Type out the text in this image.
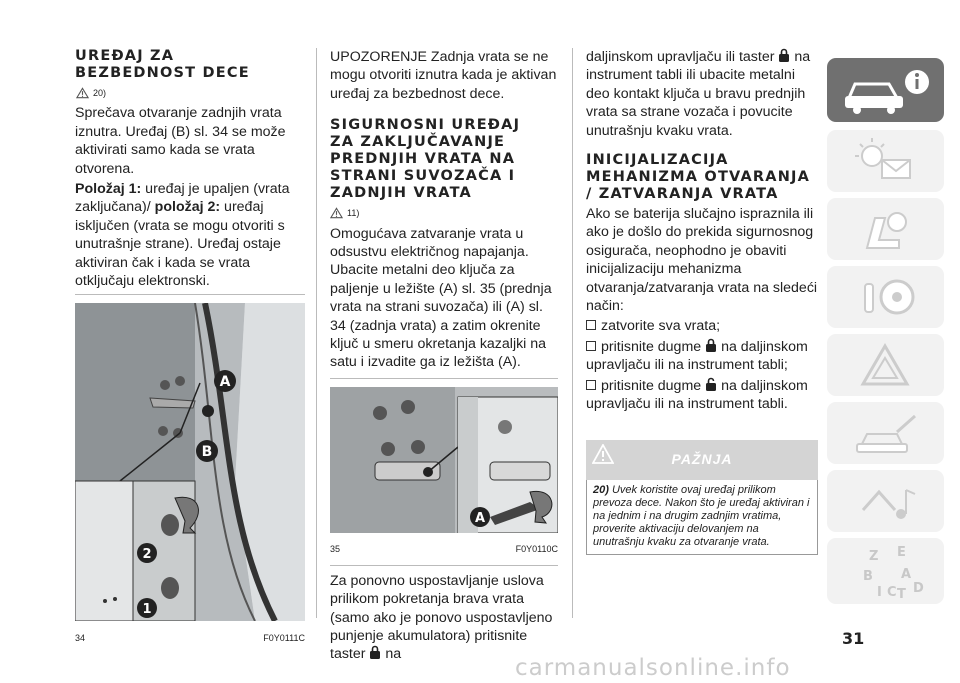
UREĐAJ ZA
BEZBEDNOST DECE
20)

Sprečava otvaranje zadnjih vrata iznutra. Uređaj (B) sl. 34 se može aktivirati samo kada se vrata otvorena.

Položaj 1: uređaj je upaljen (vrata zaključana)/ položaj 2: uređaj isključen (vrata se mogu otvoriti s unutrašnje strane). Uređaj ostaje aktiviran čak i kada se vrata otključaju elektronski.

A
B
2
1
34	F0Y0111C

UPOZORENJE Zadnja vrata se ne mogu otvoriti iznutra kada je aktivan uređaj za bezbednost dece.

SIGURNOSNI UREĐAJ
ZA ZAKLJUČAVANJE
PREDNJIH VRATA NA
STRANI SUVOZAČA I
ZADNJIH VRATA
11)

Omogućava zatvaranje vrata u odsustvu električnog napajanja. Ubacite metalni deo ključa za paljenje u ležište (A) sl. 35 (prednja vrata na strani suvozača) ili (A) sl. 34 (zadnja vrata) a zatim okrenite ključ u smeru okretanja kazaljki na satu i izvadite ga iz ležišta (A).

A
35	F0Y0110C

Za ponovno uspostavljanje uslova prilikom pokretanja brava vrata (samo ako je ponovo uspostavljeno punjenje akumulatora) pritisnite taster na

daljinskom upravljaču ili taster na instrument tabli ili ubacite metalni deo kontakt ključa u bravu prednjih vrata sa strane vozača i povucite unutrašnju kvaku vrata.

INICIJALIZACIJA
MEHANIZMA OTVARANJA
/ ZATVARANJA VRATA

Ako se baterija slučajno ispraznila ili ako je došlo do prekida sigurnosnog osigurača, neophodno je obaviti inicijalizaciju mehanizma otvaranja/zatvaranja vrata na sledeći način:

zatvorite sva vrata;

pritisnite dugme na daljinskom upravljaču ili na instrument tabli;

pritisnite dugme na daljinskom upravljaču ili na instrument tabli.

PAŽNJA
20) Uvek koristite ovaj uređaj prilikom prevoza dece. Nakon što je uređaj aktiviran i na jednim i na drugim zadnjim vratima, proverite aktivaciju delovanjem na unutrašnju kvaku za otvaranje vrata.
Z E
B A
I C T D
31
carmanualsonline.info
